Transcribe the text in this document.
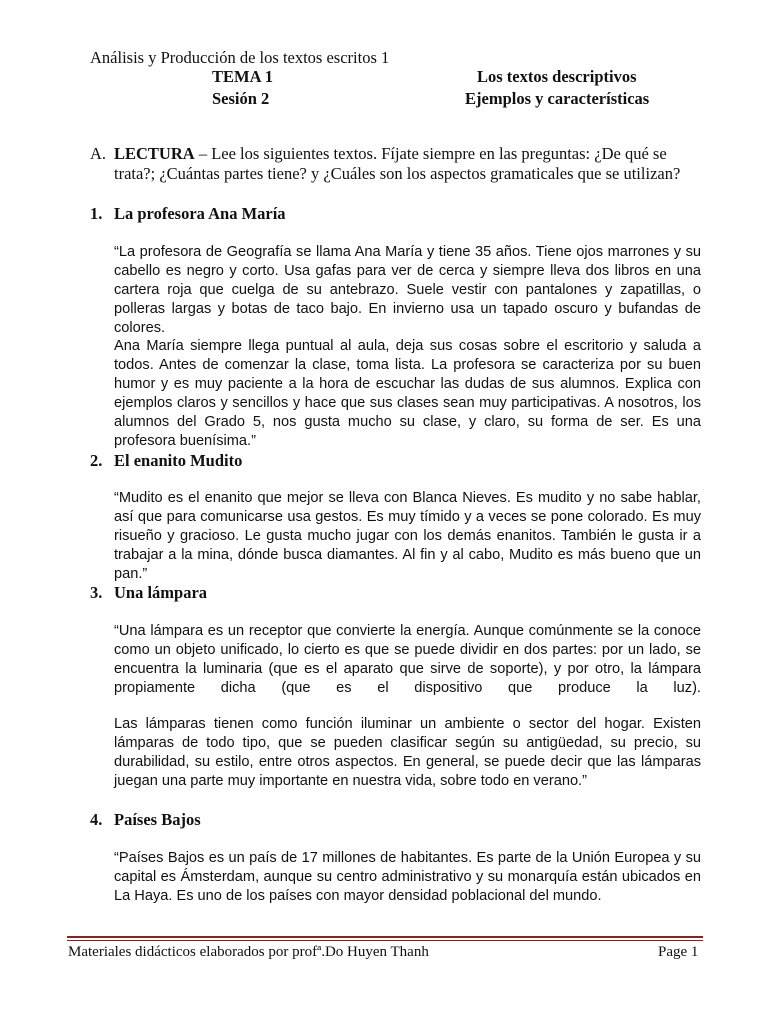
Análisis y Producción de los textos escritos 1
TEMA 1
Sesión 2
Los textos descriptivos
Ejemplos y características
A. LECTURA – Lee los siguientes textos. Fíjate siempre en las preguntas: ¿De qué se trata?; ¿Cuántas partes tiene? y ¿Cuáles son los aspectos gramaticales que se utilizan?
1. La profesora Ana María
“La profesora de Geografía se llama Ana María y tiene 35 años. Tiene ojos marrones y su cabello es negro y corto. Usa gafas para ver de cerca y siempre lleva dos libros en una cartera roja que cuelga de su antebrazo. Suele vestir con pantalones y zapatillas, o polleras largas y botas de taco bajo. En invierno usa un tapado oscuro y bufandas de colores.
Ana María siempre llega puntual al aula, deja sus cosas sobre el escritorio y saluda a todos. Antes de comenzar la clase, toma lista. La profesora se caracteriza por su buen humor y es muy paciente a la hora de escuchar las dudas de sus alumnos. Explica con ejemplos claros y sencillos y hace que sus clases sean muy participativas. A nosotros, los alumnos del Grado 5, nos gusta mucho su clase, y claro, su forma de ser. Es una profesora buenísima.”
2. El enanito Mudito
“Mudito es el enanito que mejor se lleva con Blanca Nieves. Es mudito y no sabe hablar, así que para comunicarse usa gestos. Es muy tímido y a veces se pone colorado. Es muy risueño y gracioso. Le gusta mucho jugar con los demás enanitos. También le gusta ir a trabajar a la mina, dónde busca diamantes. Al fin y al cabo, Mudito es más bueno que un pan.”
3. Una lámpara
“Una lámpara es un receptor que convierte la energía. Aunque comúnmente se la conoce como un objeto unificado, lo cierto es que se puede dividir en dos partes: por un lado, se encuentra la luminaria (que es el aparato que sirve de soporte), y por otro, la lámpara propiamente dicha (que es el dispositivo que produce la luz).
Las lámparas tienen como función iluminar un ambiente o sector del hogar. Existen lámparas de todo tipo, que se pueden clasificar según su antigüedad, su precio, su durabilidad, su estilo, entre otros aspectos. En general, se puede decir que las lámparas juegan una parte muy importante en nuestra vida, sobre todo en verano.”
4. Países Bajos
“Países Bajos es un país de 17 millones de habitantes. Es parte de la Unión Europea y su capital es Ámsterdam, aunque su centro administrativo y su monarquía están ubicados en La Haya. Es uno de los países con mayor densidad poblacional del mundo.
Materiales didácticos elaborados por profª.Do Huyen Thanh	Page 1
